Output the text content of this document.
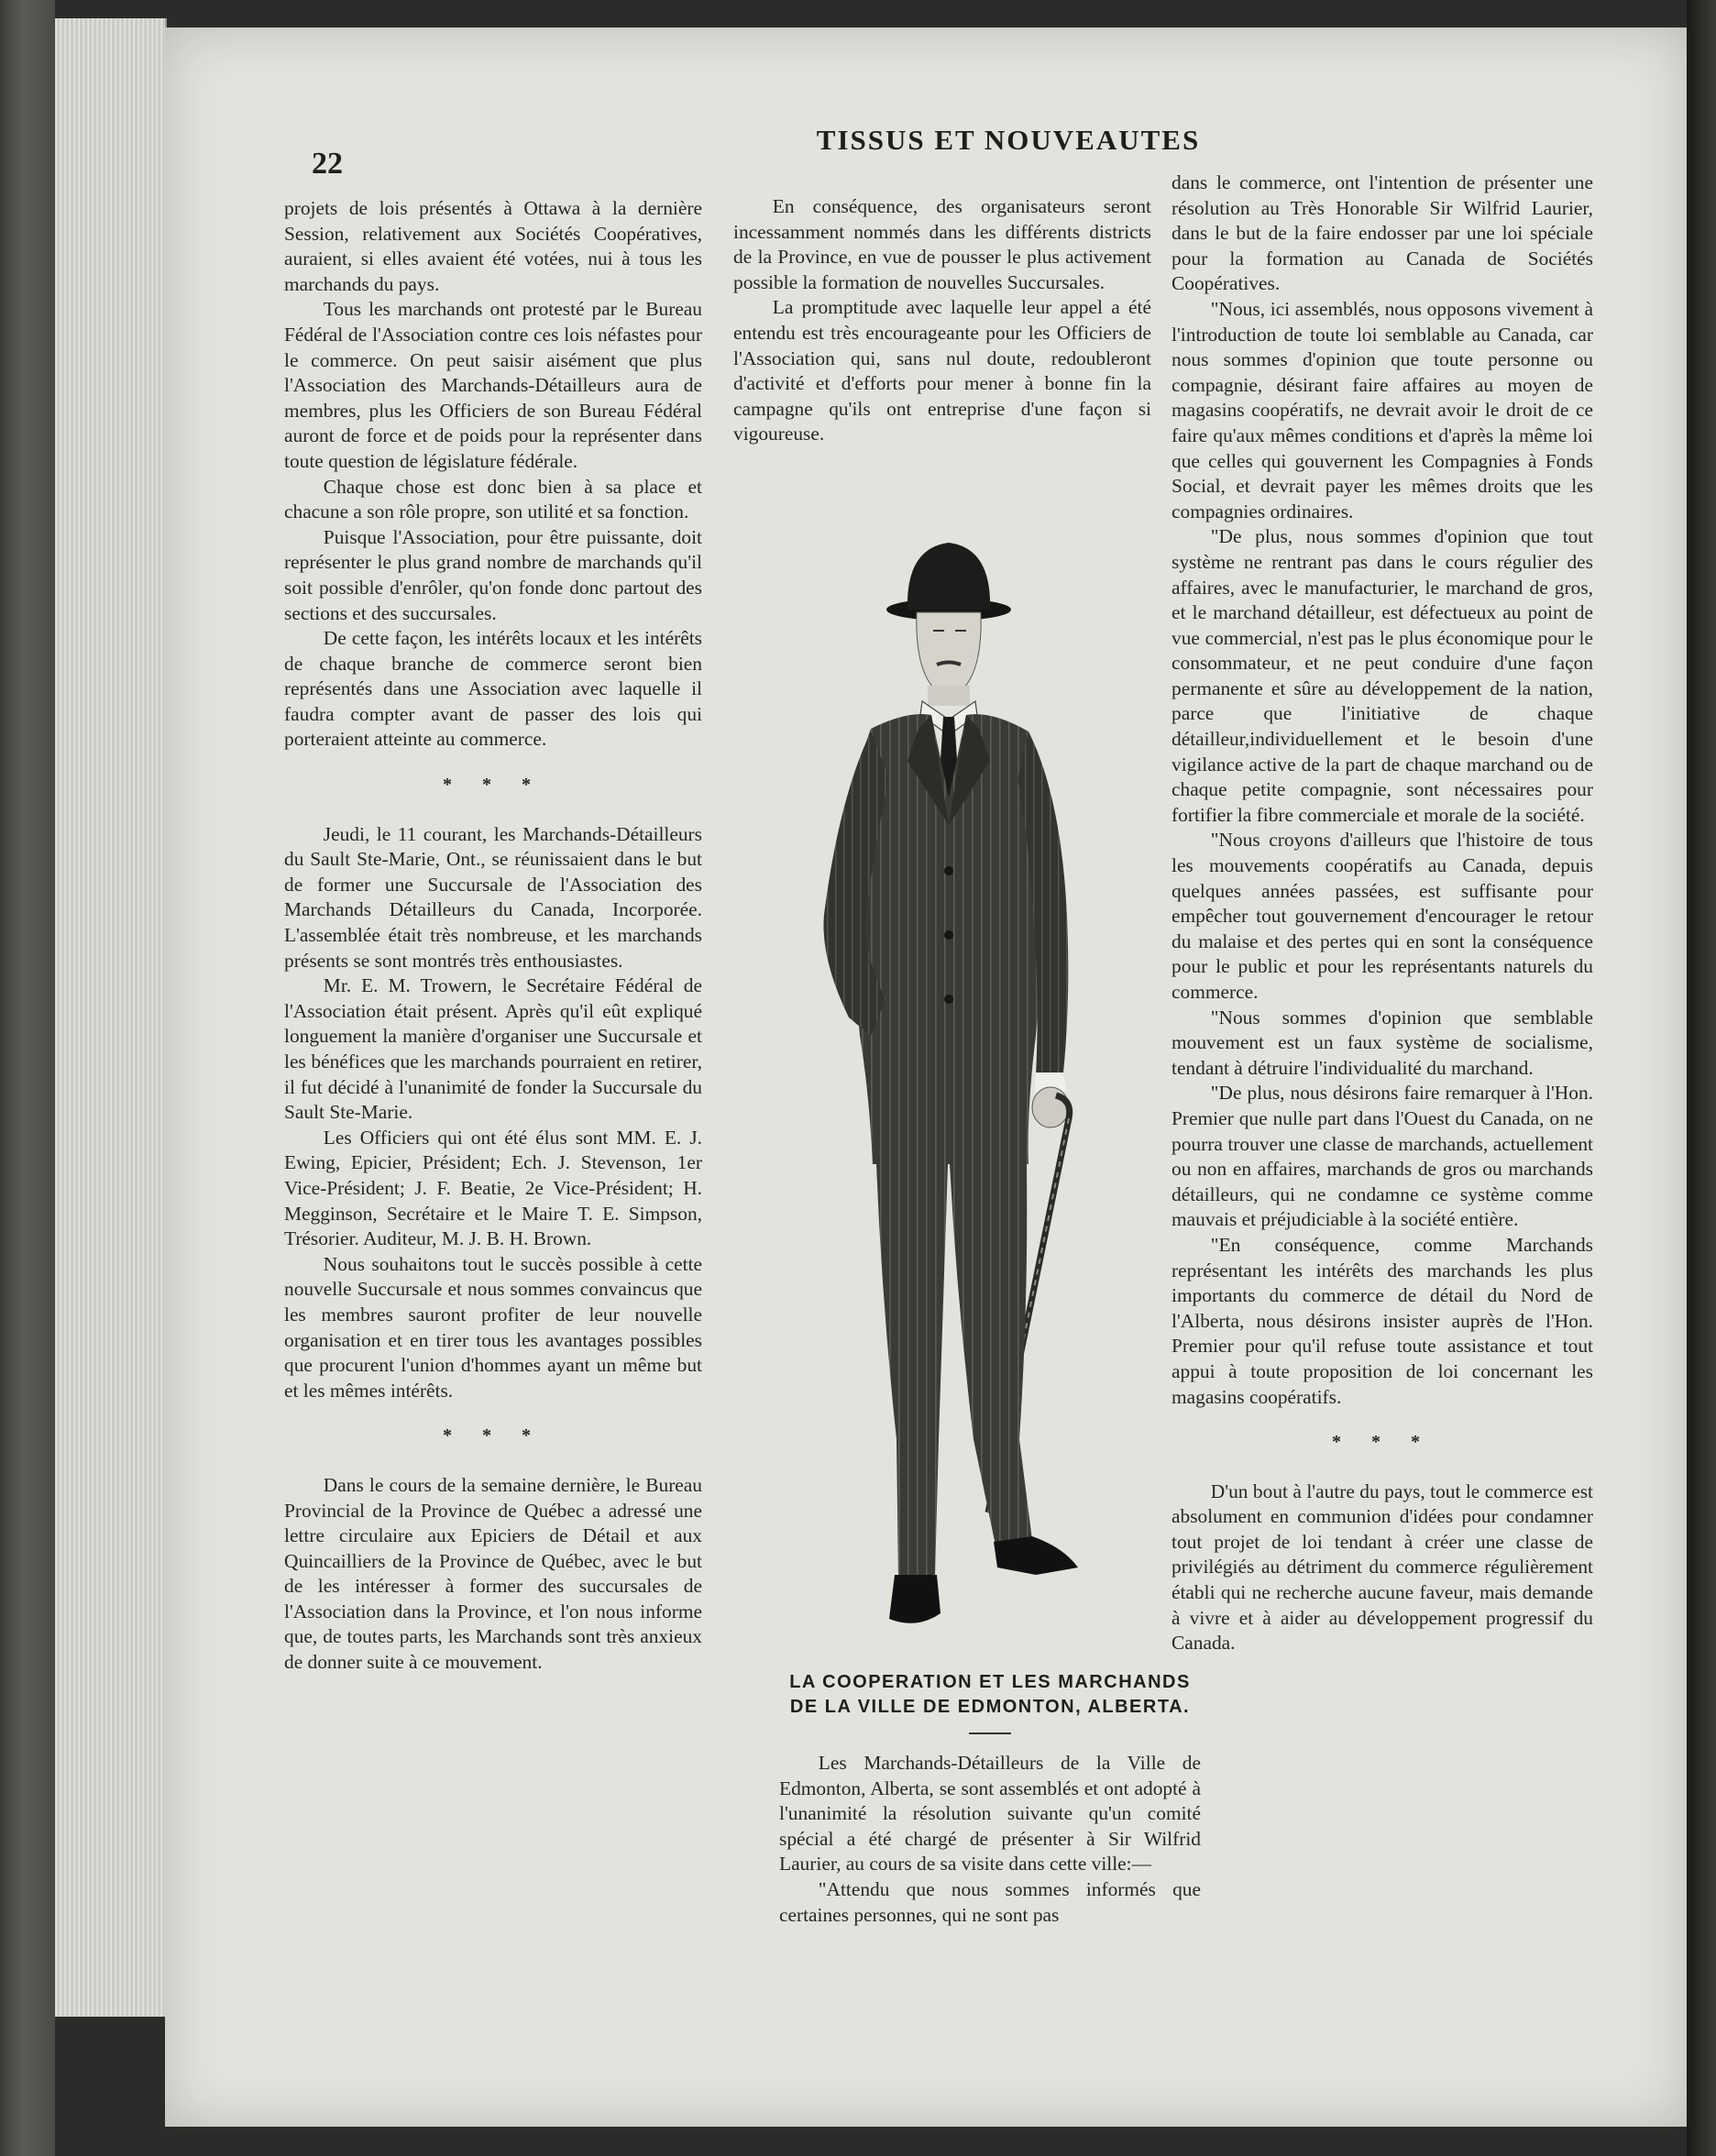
22
TISSUS ET NOUVEAUTES

projets de lois présentés à Ottawa à la dernière Session, relativement aux Sociétés Coopératives, auraient, si elles avaient été votées, nui à tous les marchands du pays.

Tous les marchands ont protesté par le Bureau Fédéral de l'Association contre ces lois néfastes pour le commerce. On peut saisir aisément que plus l'Association des Marchands-Détailleurs aura de membres, plus les Officiers de son Bureau Fédéral auront de force et de poids pour la représenter dans toute question de législature fédérale.

Chaque chose est donc bien à sa place et chacune a son rôle propre, son utilité et sa fonction.

Puisque l'Association, pour être puissante, doit représenter le plus grand nombre de marchands qu'il soit possible d'enrôler, qu'on fonde donc partout des sections et des succursales.

De cette façon, les intérêts locaux et les intérêts de chaque branche de commerce seront bien représentés dans une Association avec laquelle il faudra compter avant de passer des lois qui porteraient atteinte au commerce.

* * *

Jeudi, le 11 courant, les Marchands-Détailleurs du Sault Ste-Marie, Ont., se réunissaient dans le but de former une Succursale de l'Association des Marchands Détailleurs du Canada, Incorporée. L'assemblée était très nombreuse, et les marchands présents se sont montrés très enthousiastes.

Mr. E. M. Trowern, le Secrétaire Fédéral de l'Association était présent. Après qu'il eût expliqué longuement la manière d'organiser une Succursale et les bénéfices que les marchands pourraient en retirer, il fut décidé à l'unanimité de fonder la Succursale du Sault Ste-Marie.

Les Officiers qui ont été élus sont MM. E. J. Ewing, Epicier, Président; Ech. J. Stevenson, 1er Vice-Président; J. F. Beatie, 2e Vice-Président; H. Megginson, Secrétaire et le Maire T. E. Simpson, Trésorier. Auditeur, M. J. B. H. Brown.

Nous souhaitons tout le succès possible à cette nouvelle Succursale et nous sommes convaincus que les membres sauront profiter de leur nouvelle organisation et en tirer tous les avantages possibles que procurent l'union d'hommes ayant un même but et les mêmes intérêts.

* * *

Dans le cours de la semaine dernière, le Bureau Provincial de la Province de Québec a adressé une lettre circulaire aux Epiciers de Détail et aux Quincailliers de la Province de Québec, avec le but de les intéresser à former des succursales de l'Association dans la Province, et l'on nous informe que, de toutes parts, les Marchands sont très anxieux de donner suite à ce mouvement.

En conséquence, des organisateurs seront incessamment nommés dans les différents districts de la Province, en vue de pousser le plus activement possible la formation de nouvelles Succursales.

La promptitude avec laquelle leur appel a été entendu est très encourageante pour les Officiers de l'Association qui, sans nul doute, redoubleront d'activité et d'efforts pour mener à bonne fin la campagne qu'ils ont entreprise d'une façon si vigoureuse.

LA COOPERATION ET LES MARCHANDS DE LA VILLE DE EDMONTON, ALBERTA.

Les Marchands-Détailleurs de la Ville de Edmonton, Alberta, se sont assemblés et ont adopté à l'unanimité la résolution suivante qu'un comité spécial a été chargé de présenter à Sir Wilfrid Laurier, au cours de sa visite dans cette ville:—

"Attendu que nous sommes informés que certaines personnes, qui ne sont pas

dans le commerce, ont l'intention de présenter une résolution au Très Honorable Sir Wilfrid Laurier, dans le but de la faire endosser par une loi spéciale pour la formation au Canada de Sociétés Coopératives.

"Nous, ici assemblés, nous opposons vivement à l'introduction de toute loi semblable au Canada, car nous sommes d'opinion que toute personne ou compagnie, désirant faire affaires au moyen de magasins coopératifs, ne devrait avoir le droit de ce faire qu'aux mêmes conditions et d'après la même loi que celles qui gouvernent les Compagnies à Fonds Social, et devrait payer les mêmes droits que les compagnies ordinaires.

"De plus, nous sommes d'opinion que tout système ne rentrant pas dans le cours régulier des affaires, avec le manufacturier, le marchand de gros, et le marchand détailleur, est défectueux au point de vue commercial, n'est pas le plus économique pour le consommateur, et ne peut conduire d'une façon permanente et sûre au développement de la nation, parce que l'initiative de chaque détailleur,individuellement et le besoin d'une vigilance active de la part de chaque marchand ou de chaque petite compagnie, sont nécessaires pour fortifier la fibre commerciale et morale de la société.

"Nous croyons d'ailleurs que l'histoire de tous les mouvements coopératifs au Canada, depuis quelques années passées, est suffisante pour empêcher tout gouvernement d'encourager le retour du malaise et des pertes qui en sont la conséquence pour le public et pour les représentants naturels du commerce.

"Nous sommes d'opinion que semblable mouvement est un faux système de socialisme, tendant à détruire l'individualité du marchand.

"De plus, nous désirons faire remarquer à l'Hon. Premier que nulle part dans l'Ouest du Canada, on ne pourra trouver une classe de marchands, actuellement ou non en affaires, marchands de gros ou marchands détailleurs, qui ne condamne ce système comme mauvais et préjudiciable à la société entière.

"En conséquence, comme Marchands représentant les intérêts des marchands les plus importants du commerce de détail du Nord de l'Alberta, nous désirons insister auprès de l'Hon. Premier pour qu'il refuse toute assistance et tout appui à toute proposition de loi concernant les magasins coopératifs.

* * *

D'un bout à l'autre du pays, tout le commerce est absolument en communion d'idées pour condamner tout projet de loi tendant à créer une classe de privilégiés au détriment du commerce régulièrement établi qui ne recherche aucune faveur, mais demande à vivre et à aider au développement progressif du Canada.
